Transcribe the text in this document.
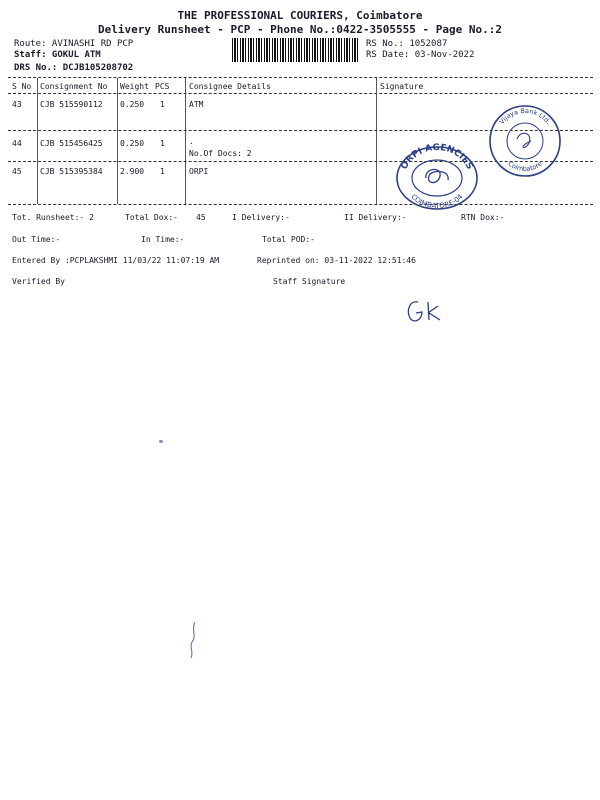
THE PROFESSIONAL COURIERS, Coimbatore
Delivery Runsheet - PCP - Phone No.:0422-3505555 - Page No.:2
Route: AVINASHI RD PCP
Staff: GOKUL ATM
DRS No.: DCJB105208702
RS No.: 1052087
RS Date: 03-Nov-2022
S No Consignment No Weight PCS Consignee Details	Signature
43 CJB 515590112 0.250 1	ATM
44 CJB 515456425 0.250 1	.
No.Of Docs: 2
45 CJB 515395384 2.900 1	ORPI
ORPI AGENCIES
COIMBATORE-04
Vijaya Bank Ltd.
Coimbatore
Tot. Runsheet:- 2	Total Dox:- 45	I Delivery:-	II Delivery:-	RTN Dox:-
Out Time:-	In Time:-	Total POD:-
Entered By :PCPLAKSHMI 11/03/22 11:07:19 AM	Reprinted on: 03-11-2022 12:51:46
Verified By	Staff Signature
